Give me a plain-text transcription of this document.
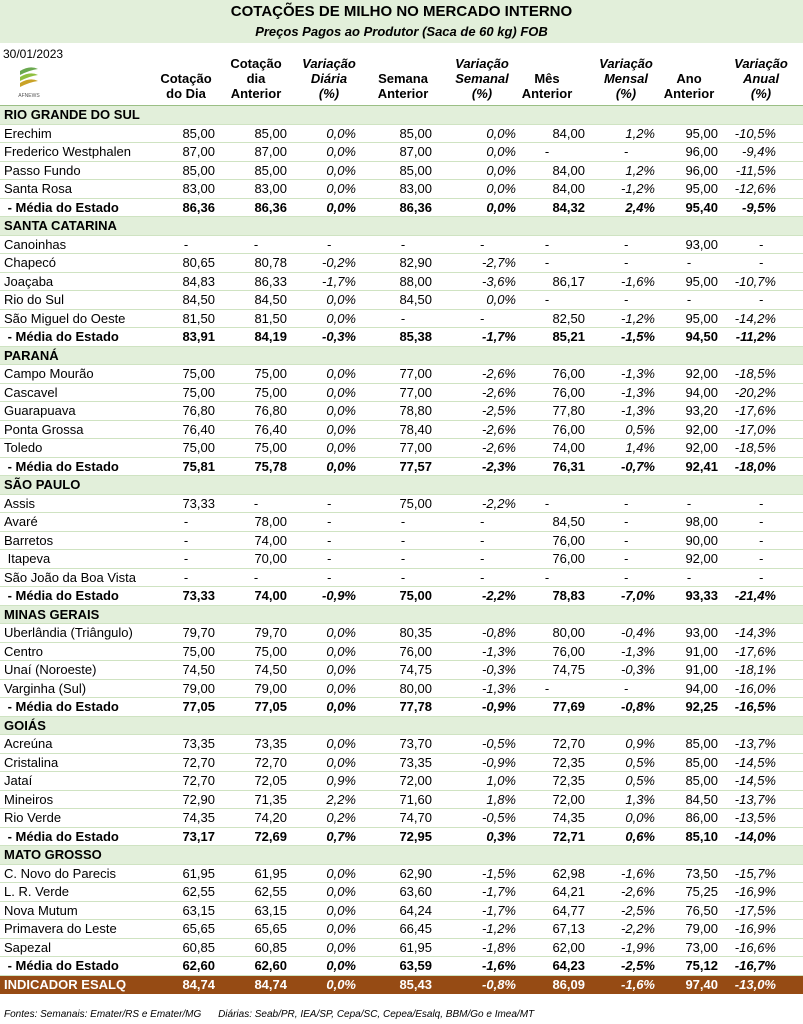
COTAÇÕES DE MILHO NO MERCADO INTERNO
Preços Pagos ao Produtor (Saca de 60 kg) FOB
30/01/2023
AFNEWS
Cotação
do Dia
Cotação
dia
Anterior
Variação
Diária
(%)
Semana
Anterior
Variação
Semanal
(%)
Mês
Anterior
Variação
Mensal
(%)
Ano
Anterior
Variação
Anual
(%)
RIO GRANDE DO SUL
Erechim	85,00	85,00	0,0%	85,00	0,0%	84,00	1,2% 95,00 -10,5%
Frederico Westphalen	87,00	87,00	0,0%	87,00	0,0%	-	-	96,00 -9,4%
Passo Fundo	85,00	85,00	0,0%	85,00	0,0%	84,00	1,2% 96,00 -11,5%
Santa Rosa	83,00	83,00	0,0%	83,00	0,0%	84,00	-1,2% 95,00 -12,6%
- Média do Estado	86,36	86,36	0,0%	86,36	0,0%	84,32	2,4% 95,40 -9,5%
SANTA CATARINA
Canoinhas	-	-	-	-	-	-	-	93,00	-
Chapecó	80,65	80,78	-0,2%	82,90	-2,7%	-	-	-	-
Joaçaba	84,83	86,33	-1,7%	88,00	-3,6%	86,17	-1,6% 95,00 -10,7%
Rio do Sul	84,50	84,50	0,0%	84,50	0,0%	-	-	-	-
São Miguel do Oeste	81,50	81,50	0,0%	-	-	82,50	-1,2% 95,00 -14,2%
- Média do Estado	83,91	84,19	-0,3%	85,38	-1,7%	85,21	-1,5% 94,50 -11,2%
PARANÁ
Campo Mourão	75,00	75,00	0,0%	77,00	-2,6%	76,00	-1,3% 92,00 -18,5%
Cascavel	75,00	75,00	0,0%	77,00	-2,6%	76,00	-1,3% 94,00 -20,2%
Guarapuava	76,80	76,80	0,0%	78,80	-2,5%	77,80	-1,3% 93,20 -17,6%
Ponta Grossa	76,40	76,40	0,0%	78,40	-2,6%	76,00	0,5% 92,00 -17,0%
Toledo	75,00	75,00	0,0%	77,00	-2,6%	74,00	1,4% 92,00 -18,5%
- Média do Estado	75,81	75,78	0,0%	77,57	-2,3%	76,31	-0,7% 92,41 -18,0%
SÃO PAULO
Assis	73,33	-	-	75,00	-2,2%	-	-	-	-
Avaré	-	78,00	-	-	-	84,50	-	98,00	-
Barretos	-	74,00	-	-	-	76,00	-	90,00	-
Itapeva	-	70,00	-	-	-	76,00	-	92,00	-
São João da Boa Vista	-	-	-	-	-	-	-	-	-
- Média do Estado	73,33	74,00	-0,9%	75,00	-2,2%	78,83	-7,0% 93,33 -21,4%
MINAS GERAIS
Uberlândia (Triângulo)	79,70	79,70	0,0%	80,35	-0,8%	80,00	-0,4% 93,00 -14,3%
Centro	75,00	75,00	0,0%	76,00	-1,3%	76,00	-1,3% 91,00 -17,6%
Unaí (Noroeste)	74,50	74,50	0,0%	74,75	-0,3%	74,75	-0,3% 91,00 -18,1%
Varginha (Sul)	79,00	79,00	0,0%	80,00	-1,3%	-	-	94,00 -16,0%
- Média do Estado	77,05	77,05	0,0%	77,78	-0,9%	77,69	-0,8% 92,25 -16,5%
GOIÁS
Acreúna	73,35	73,35	0,0%	73,70	-0,5%	72,70	0,9% 85,00 -13,7%
Cristalina	72,70	72,70	0,0%	73,35	-0,9%	72,35	0,5% 85,00 -14,5%
Jataí	72,70	72,05	0,9%	72,00	1,0%	72,35	0,5% 85,00 -14,5%
Mineiros	72,90	71,35	2,2%	71,60	1,8%	72,00	1,3% 84,50 -13,7%
Rio Verde	74,35	74,20	0,2%	74,70	-0,5%	74,35	0,0% 86,00 -13,5%
- Média do Estado	73,17	72,69	0,7%	72,95	0,3%	72,71	0,6% 85,10 -14,0%
MATO GROSSO
C. Novo do Parecis	61,95	61,95	0,0%	62,90	-1,5%	62,98	-1,6% 73,50 -15,7%
L. R. Verde	62,55	62,55	0,0%	63,60	-1,7%	64,21	-2,6% 75,25 -16,9%
Nova Mutum	63,15	63,15	0,0%	64,24	-1,7%	64,77	-2,5% 76,50 -17,5%
Primavera do Leste	65,65	65,65	0,0%	66,45	-1,2%	67,13	-2,2% 79,00 -16,9%
Sapezal	60,85	60,85	0,0%	61,95	-1,8%	62,00	-1,9% 73,00 -16,6%
- Média do Estado	62,60	62,60	0,0%	63,59	-1,6%	64,23	-2,5% 75,12 -16,7%
INDICADOR ESALQ	84,74	84,74	0,0%	85,43	-0,8%	86,09	-1,6% 97,40 -13,0%
Fontes: Semanais: Emater/RS e Emater/MG Diárias: Seab/PR, IEA/SP, Cepa/SC, Cepea/Esalq, BBM/Go e Imea/MT
